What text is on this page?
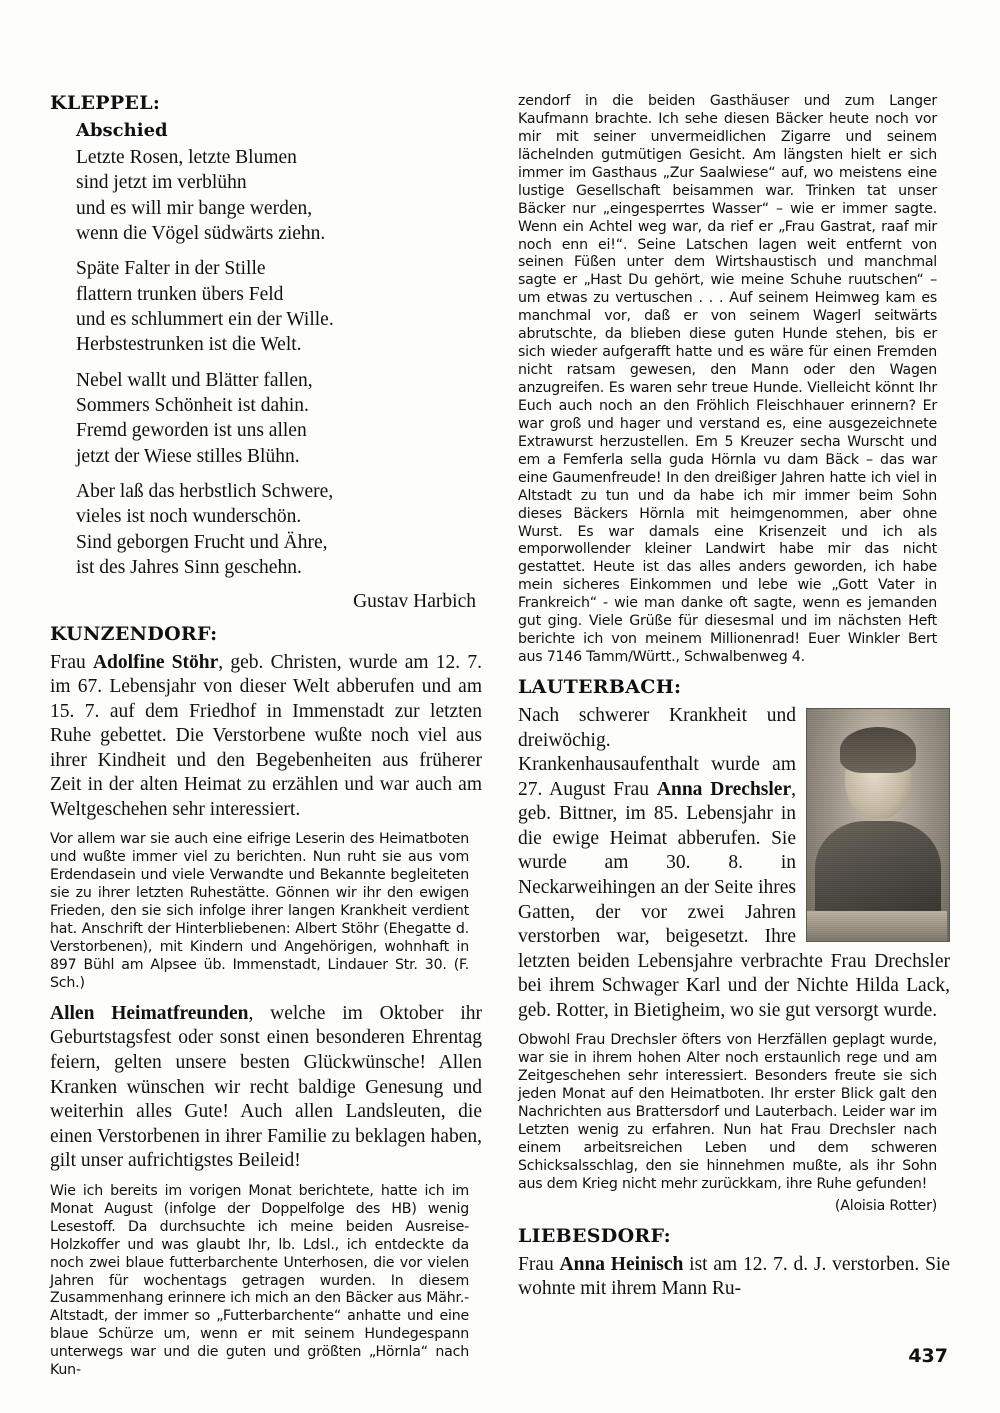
KLEPPEL:
Abschied

Letzte Rosen, letzte Blumen
sind jetzt im verblühn
und es will mir bange werden,
wenn die Vögel südwärts ziehn.

Späte Falter in der Stille
flattern trunken übers Feld
und es schlummert ein der Wille.
Herbstestrunken ist die Welt.

Nebel wallt und Blätter fallen,
Sommers Schönheit ist dahin.
Fremd geworden ist uns allen
jetzt der Wiese stilles Blühn.

Aber laß das herbstlich Schwere,
vieles ist noch wunderschön.
Sind geborgen Frucht und Ähre,
ist des Jahres Sinn geschehn.

Gustav Harbich

KUNZENDORF:

Frau Adolfine Stöhr, geb. Christen, wurde am 12. 7. im 67. Lebensjahr von dieser Welt abberufen und am 15. 7. auf dem Friedhof in Immenstadt zur letzten Ruhe gebettet. Die Verstorbene wußte noch viel aus ihrer Kindheit und den Begebenheiten aus früherer Zeit in der alten Heimat zu erzählen und war auch am Weltgeschehen sehr interessiert.

Vor allem war sie auch eine eifrige Leserin des Heimatboten und wußte immer viel zu berichten. Nun ruht sie aus vom Erdendasein und viele Verwandte und Bekannte begleiteten sie zu ihrer letzten Ruhestätte. Gönnen wir ihr den ewigen Frieden, den sie sich infolge ihrer langen Krankheit verdient hat. Anschrift der Hinterbliebenen: Albert Stöhr (Ehegatte d. Verstorbenen), mit Kindern und Angehörigen, wohnhaft in 897 Bühl am Alpsee üb. Immenstadt, Lindauer Str. 30. (F. Sch.)

Allen Heimatfreunden, welche im Oktober ihr Geburtstagsfest oder sonst einen besonderen Ehrentag feiern, gelten unsere besten Glückwünsche! Allen Kranken wünschen wir recht baldige Genesung und weiterhin alles Gute! Auch allen Landsleuten, die einen Verstorbenen in ihrer Familie zu beklagen haben, gilt unser aufrichtigstes Beileid!

Wie ich bereits im vorigen Monat berichtete, hatte ich im Monat August (infolge der Doppelfolge des HB) wenig Lesestoff. Da durchsuchte ich meine beiden Ausreise-Holzkoffer und was glaubt Ihr, lb. Ldsl., ich entdeckte da noch zwei blaue futterbarchente Unterhosen, die vor vielen Jahren für wochentags getragen wurden. In diesem Zusammenhang erinnere ich mich an den Bäcker aus Mähr.-Altstadt, der immer so „Futterbarchente“ anhatte und eine blaue Schürze um, wenn er mit seinem Hundegespann unterwegs war und die guten und größten „Hörnla“ nach Kun-

zendorf in die beiden Gasthäuser und zum Langer Kaufmann brachte. Ich sehe diesen Bäcker heute noch vor mir mit seiner unvermeidlichen Zigarre und seinem lächelnden gutmütigen Gesicht. Am längsten hielt er sich immer im Gasthaus „Zur Saalwiese“ auf, wo meistens eine lustige Gesellschaft beisammen war. Trinken tat unser Bäcker nur „eingesperrtes Wasser“ – wie er immer sagte. Wenn ein Achtel weg war, da rief er „Frau Gastrat, raaf mir noch enn ei!“. Seine Latschen lagen weit entfernt von seinen Füßen unter dem Wirtshaustisch und manchmal sagte er „Hast Du gehört, wie meine Schuhe ruutschen“ – um etwas zu vertuschen . . . Auf seinem Heimweg kam es manchmal vor, daß er von seinem Wagerl seitwärts abrutschte, da blieben diese guten Hunde stehen, bis er sich wieder aufgerafft hatte und es wäre für einen Fremden nicht ratsam gewesen, den Mann oder den Wagen anzugreifen. Es waren sehr treue Hunde. Vielleicht könnt Ihr Euch auch noch an den Fröhlich Fleischhauer erinnern? Er war groß und hager und verstand es, eine ausgezeichnete Extrawurst herzustellen. Em 5 Kreuzer secha Wurscht und em a Femferla sella guda Hörnla vu dam Bäck – das war eine Gaumenfreude! In den dreißiger Jahren hatte ich viel in Altstadt zu tun und da habe ich mir immer beim Sohn dieses Bäckers Hörnla mit heimgenommen, aber ohne Wurst. Es war damals eine Krisenzeit und ich als emporwollender kleiner Landwirt habe mir das nicht gestattet. Heute ist das alles anders geworden, ich habe mein sicheres Einkommen und lebe wie „Gott Vater in Frankreich“ - wie man danke oft sagte, wenn es jemanden gut ging. Viele Grüße für diesesmal und im nächsten Heft berichte ich von meinem Millionenrad! Euer Winkler Bert aus 7146 Tamm/Württ., Schwalbenweg 4.

LAUTERBACH:

Nach schwerer Krankheit und dreiwöchig. Krankenhausaufenthalt wurde am 27. August Frau Anna Drechsler, geb. Bittner, im 85. Lebensjahr in die ewige Heimat abberufen. Sie wurde am 30. 8. in Neckarweihingen an der Seite ihres Gatten, der vor zwei Jahren verstorben war, beigesetzt. Ihre letzten beiden Lebensjahre verbrachte Frau Drechsler bei ihrem Schwager Karl und der Nichte Hilda Lack, geb. Rotter, in Bietigheim, wo sie gut versorgt wurde.

Obwohl Frau Drechsler öfters von Herzfällen geplagt wurde, war sie in ihrem hohen Alter noch erstaunlich rege und am Zeitgeschehen sehr interessiert. Besonders freute sie sich jeden Monat auf den Heimatboten. Ihr erster Blick galt den Nachrichten aus Brattersdorf und Lauterbach. Leider war im Letzten wenig zu erfahren. Nun hat Frau Drechsler nach einem arbeitsreichen Leben und dem schweren Schicksalsschlag, den sie hinnehmen mußte, als ihr Sohn aus dem Krieg nicht mehr zurückkam, ihre Ruhe gefunden!

(Aloisia Rotter)

LIEBESDORF:

Frau Anna Heinisch ist am 12. 7. d. J. verstorben. Sie wohnte mit ihrem Mann Ru-

437
